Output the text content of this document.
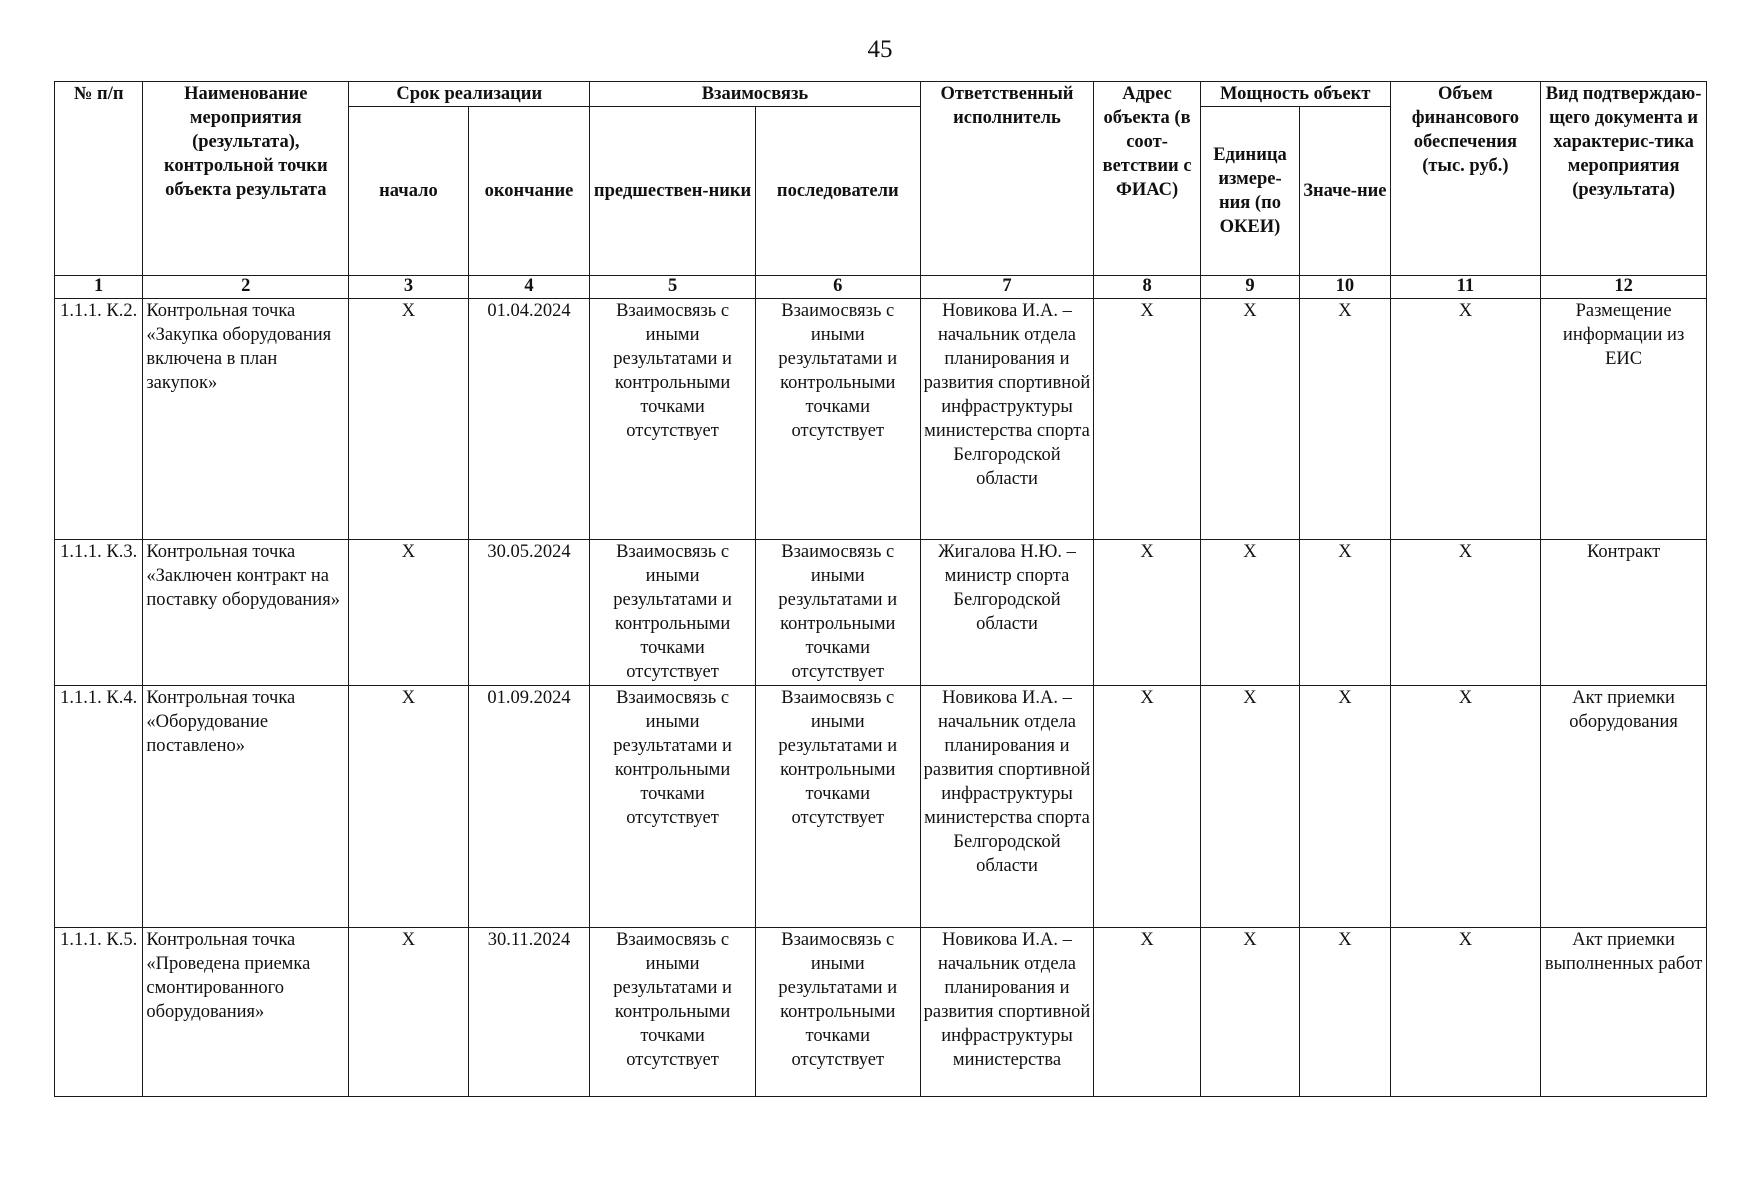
45
№ п/п	Наименование мероприятия (результата), контрольной точки объекта результата	Срок реализации		Взаимосвязь		Ответственный исполнитель	Адрес объекта (в соот-ветствии с ФИАС)	Мощность объект		Объем финансового обеспечения (тыс. руб.)	Вид подтверждаю-щего документа и характерис-тика мероприятия (результата)
		начало	окончание	предшествен-ники	последователи			Единица измере-ния (по ОКЕИ)	Значе-ние		
1	2	3	4	5	6	7	8	9	10	11	12
1.1.1. К.2.	Контрольная точка «Закупка оборудования включена в план закупок»	X	01.04.2024	Взаимосвязь с иными результатами и контрольными точками отсутствует	Взаимосвязь с иными результатами и контрольными точками отсутствует	Новикова И.А. – начальник отдела планирования и развития спортивной инфраструктуры министерства спорта Белгородской области	X	X	X	X	Размещение информации из ЕИС
1.1.1. К.3.	Контрольная точка «Заключен контракт на поставку оборудования»	X	30.05.2024	Взаимосвязь с иными результатами и контрольными точками отсутствует	Взаимосвязь с иными результатами и контрольными точками отсутствует	Жигалова Н.Ю. – министр спорта Белгородской области	X	X	X	X	Контракт
1.1.1. К.4.	Контрольная точка «Оборудование поставлено»	X	01.09.2024	Взаимосвязь с иными результатами и контрольными точками отсутствует	Взаимосвязь с иными результатами и контрольными точками отсутствует	Новикова И.А. – начальник отдела планирования и развития спортивной инфраструктуры министерства спорта Белгородской области	X	X	X	X	Акт приемки оборудования
1.1.1. К.5.	Контрольная точка «Проведена приемка смонтированного оборудования»	X	30.11.2024	Взаимосвязь с иными результатами и контрольными точками отсутствует	Взаимосвязь с иными результатами и контрольными точками отсутствует	Новикова И.А. – начальник отдела планирования и развития спортивной инфраструктуры министерства	X	X	X	X	Акт приемки выполненных работ
